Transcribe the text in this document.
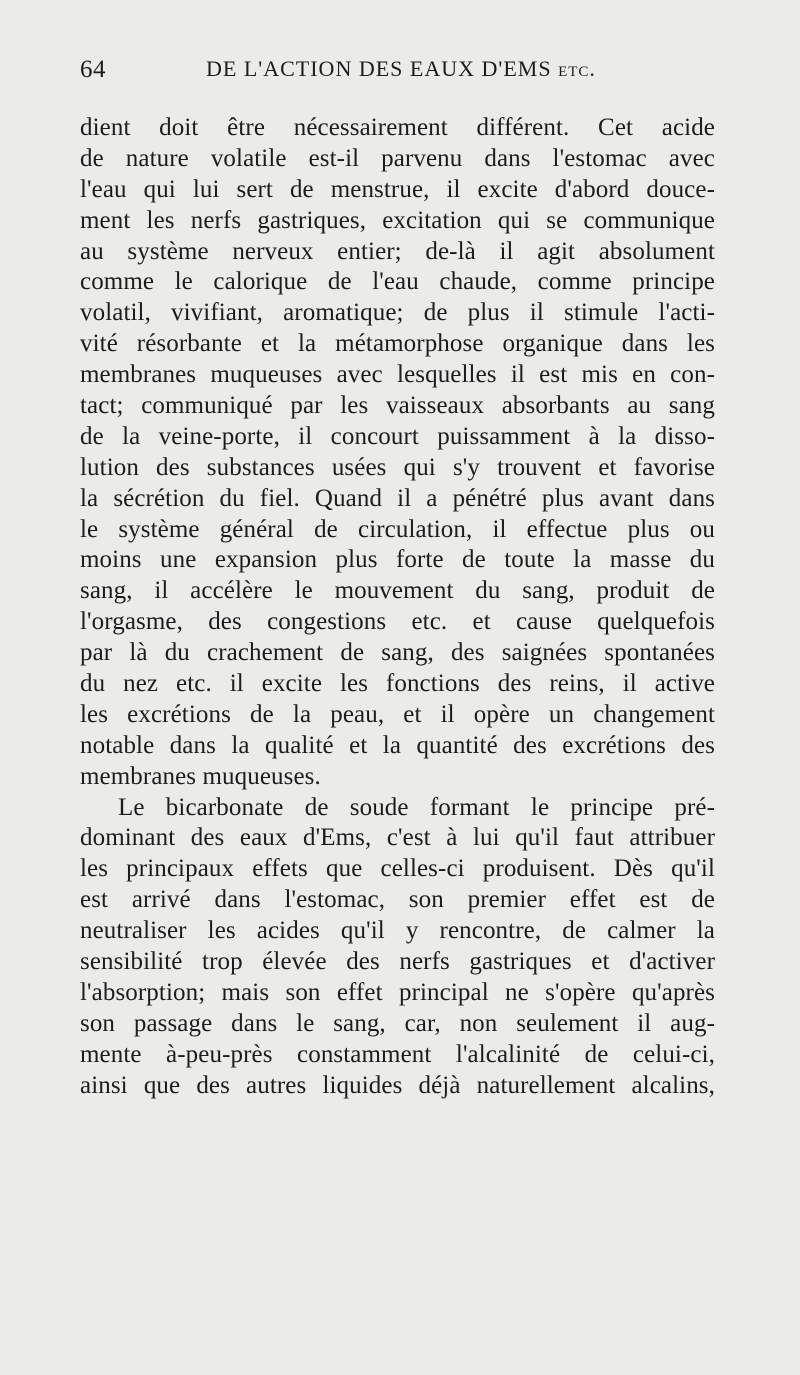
64	DE L'ACTION DES EAUX D'EMS etc.
dient doit être nécessairement différent. Cet acide
de nature volatile est-il parvenu dans l'estomac avec
l'eau qui lui sert de menstrue, il excite d'abord douce-
ment les nerfs gastriques, excitation qui se communique
au système nerveux entier; de-là il agit absolument
comme le calorique de l'eau chaude, comme principe
volatil, vivifiant, aromatique; de plus il stimule l'acti-
vité résorbante et la métamorphose organique dans les
membranes muqueuses avec lesquelles il est mis en con-
tact; communiqué par les vaisseaux absorbants au sang
de la veine-porte, il concourt puissamment à la disso-
lution des substances usées qui s'y trouvent et favorise
la sécrétion du fiel. Quand il a pénétré plus avant dans
le système général de circulation, il effectue plus ou
moins une expansion plus forte de toute la masse du
sang, il accélère le mouvement du sang, produit de
l'orgasme, des congestions etc. et cause quelquefois
par là du crachement de sang, des saignées spontanées
du nez etc. il excite les fonctions des reins, il active
les excrétions de la peau, et il opère un changement
notable dans la qualité et la quantité des excrétions des
membranes muqueuses.
Le bicarbonate de soude formant le principe pré-
dominant des eaux d'Ems, c'est à lui qu'il faut attribuer
les principaux effets que celles-ci produisent. Dès qu'il
est arrivé dans l'estomac, son premier effet est de
neutraliser les acides qu'il y rencontre, de calmer la
sensibilité trop élevée des nerfs gastriques et d'activer
l'absorption; mais son effet principal ne s'opère qu'après
son passage dans le sang, car, non seulement il aug-
mente à-peu-près constamment l'alcalinité de celui-ci,
ainsi que des autres liquides déjà naturellement alcalins,
